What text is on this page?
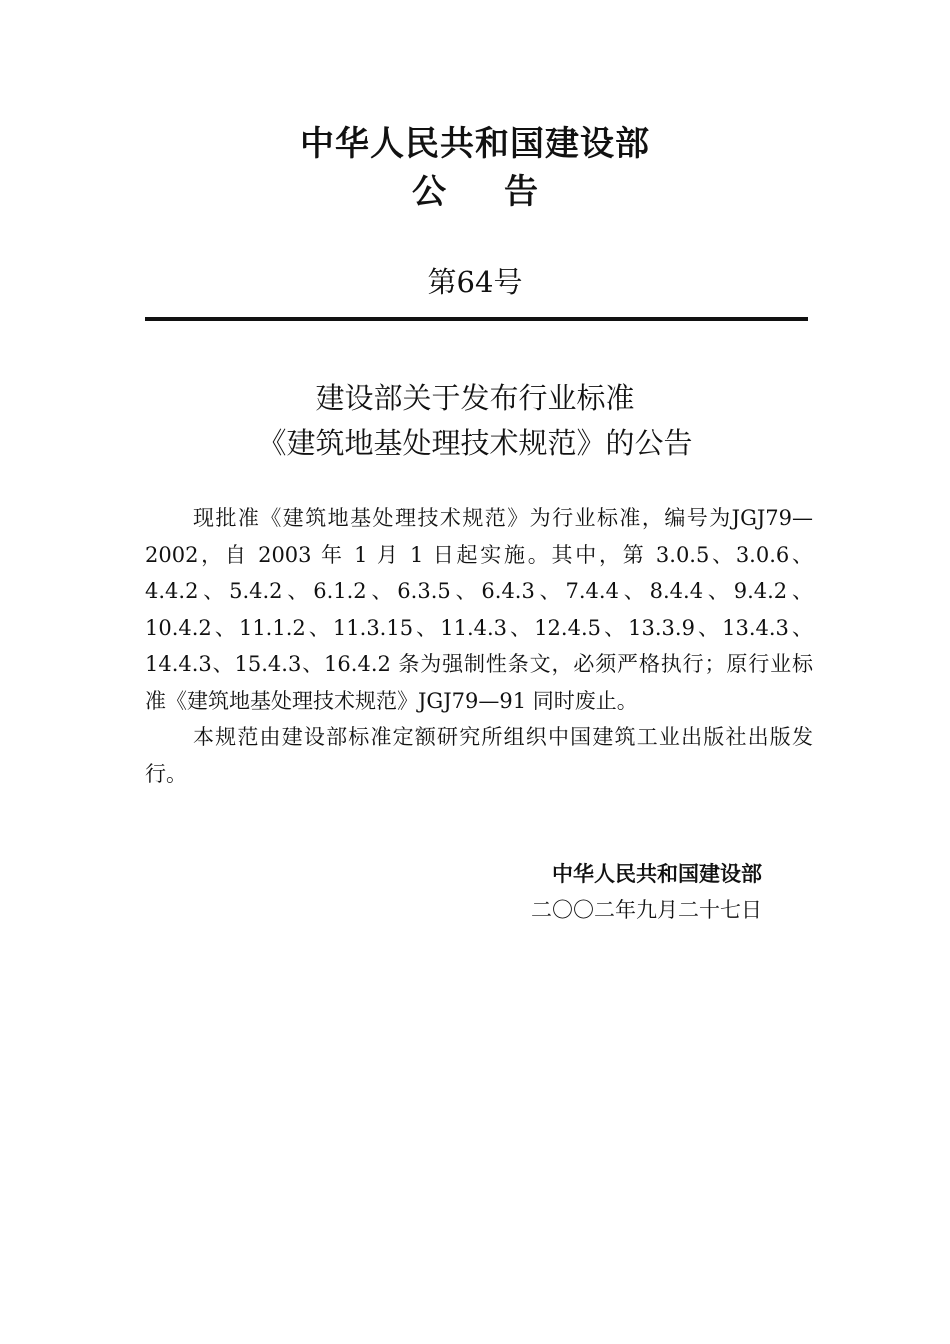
中华人民共和国建设部
公告
第64号
建设部关于发布行业标准
《建筑地基处理技术规范》的公告

现批准《建筑地基处理技术规范》为行业标准，编号为JGJ79—2002，自 2003 年 1 月 1 日起实施。其中，第 3.0.5、3.0.6、4.4.2、5.4.2、6.1.2、6.3.5、6.4.3、7.4.4、8.4.4、9.4.2、10.4.2、11.1.2、11.3.15、11.4.3、12.4.5、13.3.9、13.4.3、14.4.3、15.4.3、16.4.2 条为强制性条文，必须严格执行；原行业标准《建筑地基处理技术规范》JGJ79—91 同时废止。

本规范由建设部标准定额研究所组织中国建筑工业出版社出版发行。

中华人民共和国建设部
二〇〇二年九月二十七日
